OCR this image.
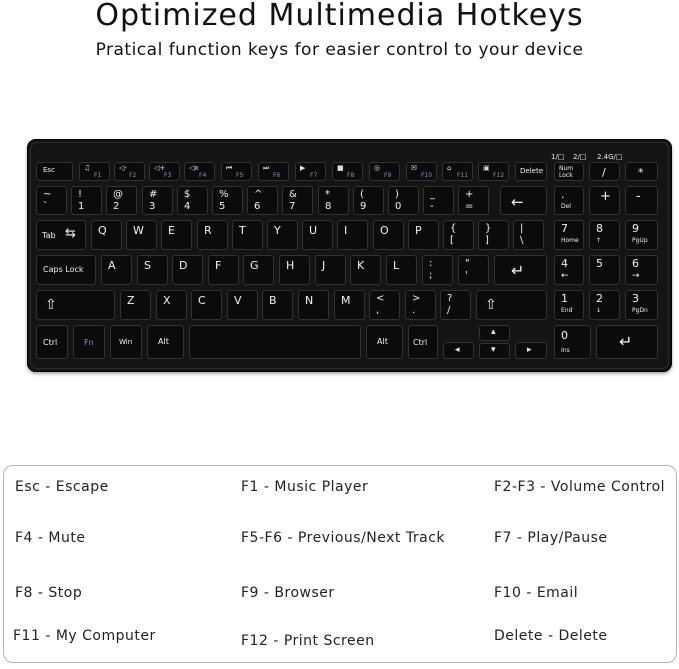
Optimized Multimedia Hotkeys
Pratical function keys for easier control to your device
1/□ 2/□ 2.4G/□
Esc	♫
F1
◁-
F2
◁+
F3
◁x
F4
⏮
F5
⏭
F6
▶
F7
■
F8
◎
F9
✉
F10
⌂
F11
▣
F12
Delete	Num Lock	/	*
~
`
!
1
@
2
#
3
%
5
^
6
&
7
*
8
(
9
)
0
_
-
+
=
$
4	←	.
Del
+ -
Tab ⇆ Q W E	R T	Y	U I	O P	{
[
}
]
|
\
7
Home
8
↑
9
PgUp
Caps Lock A	S	D	F	G H	J	K	L	:
;
"
'	↵	4
←
5	6
→
⇧	Z	X C	V B	N	M	<
,
>
.
?
/ ⇧	1
End
2
↓
3
PgDn
Ctrl	Fn	Win	Alt	Alt	Ctrl
◂
▴
▾	▸
0
Ins	↵
Esc - Escape	F1 - Music Player	F2-F3 - Volume Control
F4 - Mute	F5-F6 - Previous/Next Track	F7 - Play/Pause
F8 - Stop	F9 - Browser	F10 - Email
F11 - My Computer	F12 - Print Screen	Delete - Delete
